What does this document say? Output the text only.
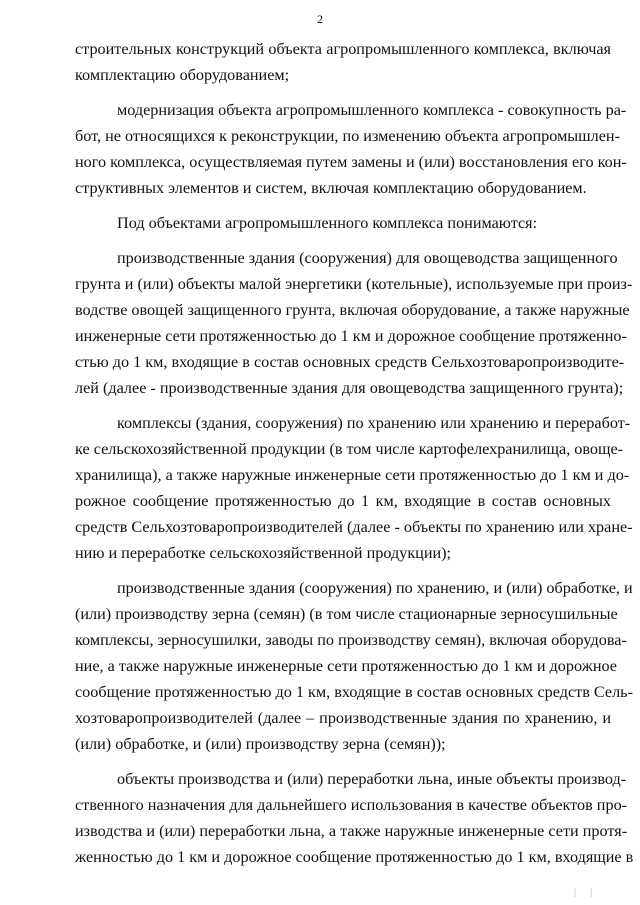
2
строительных конструкций объекта агропромышленного комплекса, включая
комплектацию оборудованием;
модернизация объекта агропромышленного комплекса - совокупность ра-
бот, не относящихся к реконструкции, по изменению объекта агропромышлен-
ного комплекса, осуществляемая путем замены и (или) восстановления его кон-
структивных элементов и систем, включая комплектацию оборудованием.
Под объектами агропромышленного комплекса понимаются:
производственные здания (сооружения) для овощеводства защищенного
грунта и (или) объекты малой энергетики (котельные), используемые при произ-
водстве овощей защищенного грунта, включая оборудование, а также наружные
инженерные сети протяженностью до 1 км и дорожное сообщение протяженно-
стью до 1 км, входящие в состав основных средств Сельхозтоваропроизводите-
лей (далее - производственные здания для овощеводства защищенного грунта);
комплексы (здания, сооружения) по хранению или хранению и переработ-
ке сельскохозяйственной продукции (в том числе картофелехранилища, овоще-
хранилища), а также наружные инженерные сети протяженностью до 1 км и до-
рожное сообщение протяженностью до 1 км, входящие в состав основных
средств Сельхозтоваропроизводителей (далее - объекты по хранению или хране-
нию и переработке сельскохозяйственной продукции);
производственные здания (сооружения) по хранению, и (или) обработке, и
(или) производству зерна (семян) (в том числе стационарные зерносушильные
комплексы, зерносушилки, заводы по производству семян), включая оборудова-
ние, а также наружные инженерные сети протяженностью до 1 км и дорожное
сообщение протяженностью до 1 км, входящие в состав основных средств Сель-
хозтоваропроизводителей (далее – производственные здания по хранению, и
(или) обработке, и (или) производству зерна (семян));
объекты производства и (или) переработки льна, иные объекты производ-
ственного назначения для дальнейшего использования в качестве объектов про-
изводства и (или) переработки льна, а также наружные инженерные сети протя-
женностью до 1 км и дорожное сообщение протяженностью до 1 км, входящие в
| |
